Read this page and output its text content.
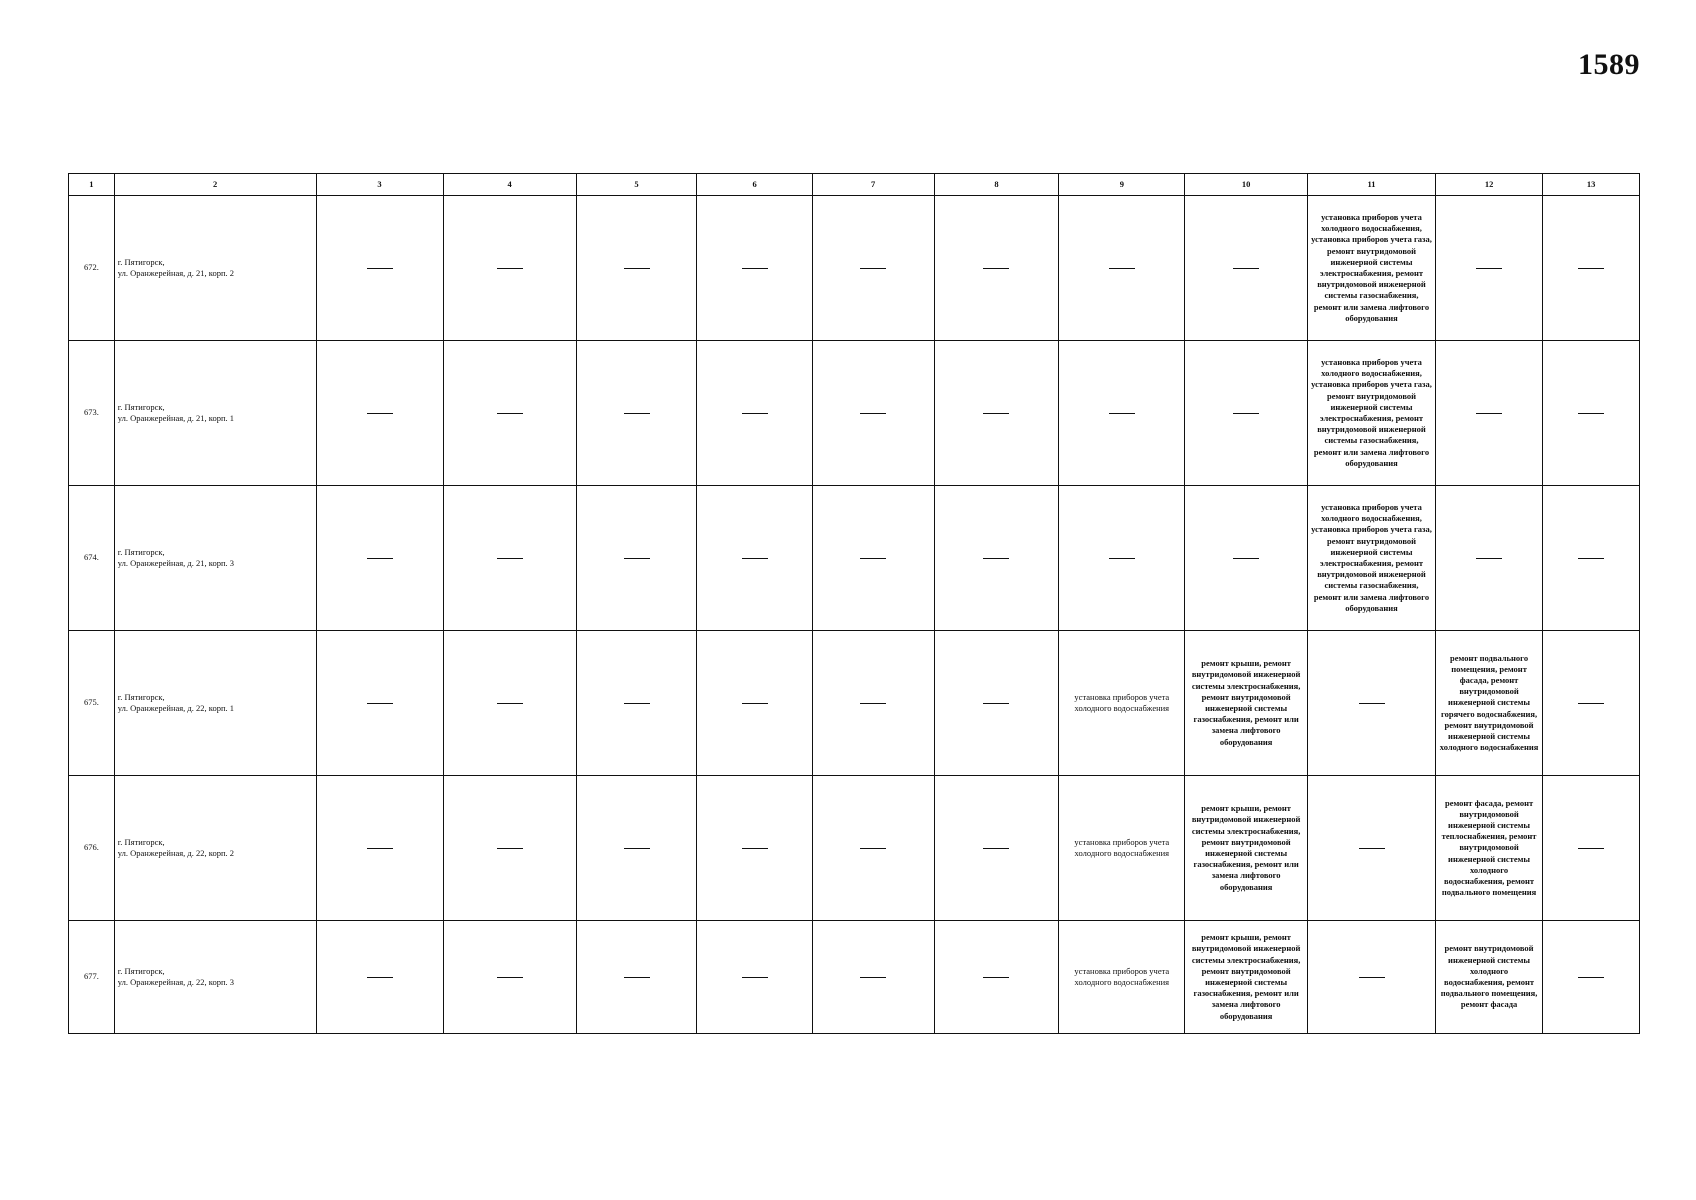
1589
1	2	3	4	5	6	7	8	9	10	11	12	13
672.	г. Пятигорск,
ул. Оранжерейная, д. 21, корп. 2									установка приборов учета холодного водоснабжения, установка приборов учета газа, ремонт внутридомовой инженерной системы электроснабжения, ремонт внутридомовой инженерной системы газоснабжения, ремонт или замена лифтового оборудования		
673.	г. Пятигорск,
ул. Оранжерейная, д. 21, корп. 1									установка приборов учета холодного водоснабжения, установка приборов учета газа, ремонт внутридомовой инженерной системы электроснабжения, ремонт внутридомовой инженерной системы газоснабжения, ремонт или замена лифтового оборудования		
674.	г. Пятигорск,
ул. Оранжерейная, д. 21, корп. 3									установка приборов учета холодного водоснабжения, установка приборов учета газа, ремонт внутридомовой инженерной системы электроснабжения, ремонт внутридомовой инженерной системы газоснабжения, ремонт или замена лифтового оборудования		
675.	г. Пятигорск,
ул. Оранжерейная, д. 22, корп. 1							установка приборов учета холодного водоснабжения	ремонт крыши, ремонт внутридомовой инженерной системы электроснабжения, ремонт внутридомовой инженерной системы газоснабжения, ремонт или замена лифтового оборудования		ремонт подвального помещения, ремонт фасада, ремонт внутридомовой инженерной системы горячего водоснабжения, ремонт внутридомовой инженерной системы холодного водоснабжения	
676.	г. Пятигорск,
ул. Оранжерейная, д. 22, корп. 2							установка приборов учета холодного водоснабжения	ремонт крыши, ремонт внутридомовой инженерной системы электроснабжения, ремонт внутридомовой инженерной системы газоснабжения, ремонт или замена лифтового оборудования		ремонт фасада, ремонт внутридомовой инженерной системы теплоснабжения, ремонт внутридомовой инженерной системы холодного водоснабжения, ремонт подвального помещения	
677.	г. Пятигорск,
ул. Оранжерейная, д. 22, корп. 3							установка приборов учета холодного водоснабжения	ремонт крыши, ремонт внутридомовой инженерной системы электроснабжения, ремонт внутридомовой инженерной системы газоснабжения, ремонт или замена лифтового оборудования		ремонт внутридомовой инженерной системы холодного водоснабжения, ремонт подвального помещения, ремонт фасада	
